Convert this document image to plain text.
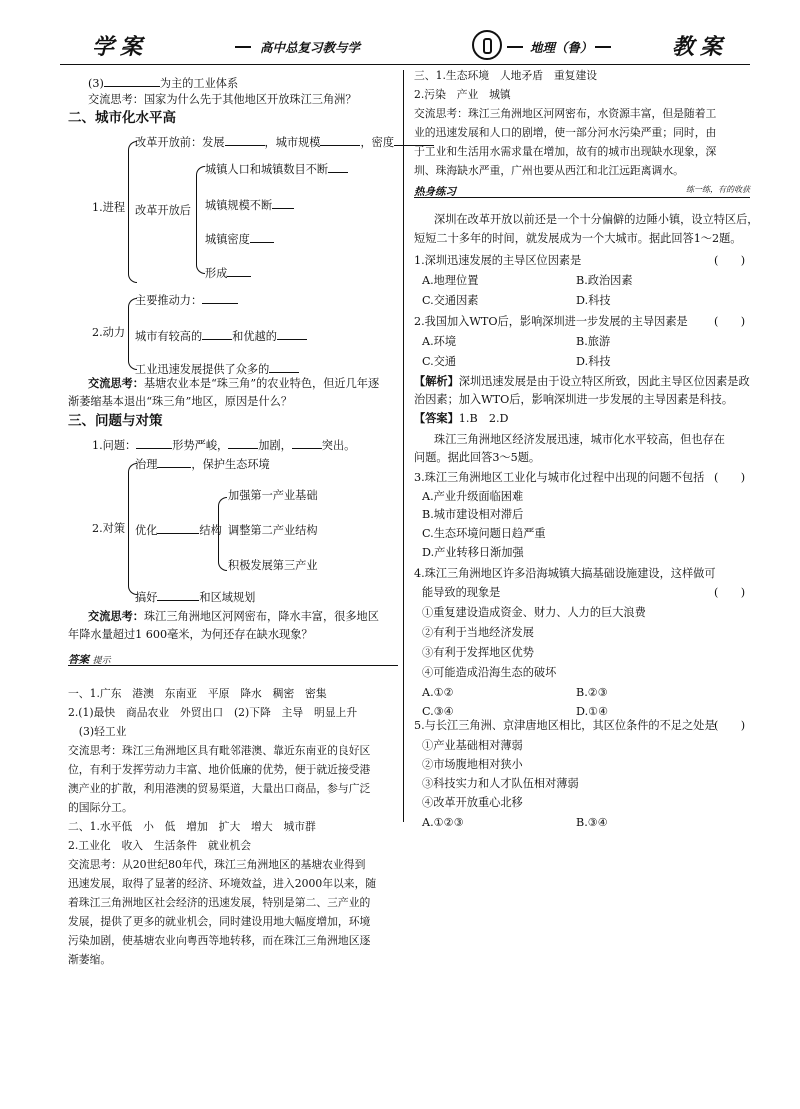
学案	高中总复习教与学	地理（鲁）	教案
(3)	为主的工业体系
交流思考：国家为什么先于其他地区开放珠江三角洲？
二、城市化水平高
改革开放前：发展	，城市规模	，密度
1.进程 改革开放后
城镇人口和城镇数目不断
城镇规模不断
城镇密度
形成
主要推动力：
2.动力 城市有较高的	和优越的
工业迅速发展提供了众多的
交流思考：基塘农业本是“珠三角”的农业特色，但近几年逐
渐萎缩基本退出“珠三角”地区，原因是什么？
三、问题与对策
1.问题：	形势严峻，	加剧，	突出。
治理	，保护生态环境
2.对策 优化	结构
加强第一产业基础
调整第二产业结构
积极发展第三产业
搞好	和区域规划
交流思考：珠江三角洲地区河网密布，降水丰富，很多地区
年降水量超过1 600毫米，为何还存在缺水现象？
答案 提示
一、1.广东　港澳　东南亚　平原　降水　稠密　密集
2.(1)最快　商品农业　外贸出口　(2)下降　主导　明显上升
　(3)轻工业
交流思考：珠江三角洲地区具有毗邻港澳、靠近东南亚的良好区
位，有利于发挥劳动力丰富、地价低廉的优势，便于就近接受港
澳产业的扩散，利用港澳的贸易渠道，大量出口商品，参与广泛
的国际分工。
二、1.水平低　小　低　增加　扩大　增大　城市群
2.工业化　收入　生活条件　就业机会
交流思考：从20世纪80年代，珠江三角洲地区的基塘农业得到
迅速发展，取得了显著的经济、环境效益，进入2000年以来，随
着珠江三角洲地区社会经济的迅速发展，特别是第二、三产业的
发展，提供了更多的就业机会，同时建设用地大幅度增加，环境
污染加剧，使基塘农业向粤西等地转移，而在珠江三角洲地区逐
渐萎缩。
三、1.生态环境　人地矛盾　重复建设
2.污染　产业　城镇
交流思考：珠江三角洲地区河网密布，水资源丰富，但是随着工
业的迅速发展和人口的剧增，使一部分河水污染严重；同时，由
于工业和生活用水需求量在增加，故有的城市出现缺水现象，深
圳、珠海缺水严重，广州也要从西江和北江远距离调水。
热身练习	练一练，有的收获
深圳在改革开放以前还是一个十分偏僻的边陲小镇，设立特区后，
短短二十多年的时间，就发展成为一个大城市。据此回答1～2题。
1.深圳迅速发展的主导区位因素是	(　　)
A.地理位置	B.政治因素
C.交通因素	D.科技
2.我国加入WTO后，影响深圳进一步发展的主导因素是 (　　)
A.环境	B.旅游
C.交通	D.科技
【解析】深圳迅速发展是由于设立特区所致，因此主导区位因素是政
治因素；加入WTO后，影响深圳进一步发展的主导因素是科技。
【答案】1.B　2.D
珠江三角洲地区经济发展迅速，城市化水平较高，但也存在
问题。据此回答3～5题。
3.珠江三角洲地区工业化与城市化过程中出现的问题不包括 (　　)
A.产业升级面临困难
B.城市建设相对滞后
C.生态环境问题日趋严重
D.产业转移日渐加强
4.珠江三角洲地区许多沿海城镇大搞基础设施建设，这样做可
能导致的现象是	(　　)
①重复建设造成资金、财力、人力的巨大浪费
②有利于当地经济发展
③有利于发挥地区优势
④可能造成沿海生态的破坏
A.①②	B.②③
C.③④	D.①④
5.与长江三角洲、京津唐地区相比，其区位条件的不足之处是
(　　)
①产业基础相对薄弱
②市场腹地相对狭小
③科技实力和人才队伍相对薄弱
④改革开放重心北移
A.①②③	B.③④
